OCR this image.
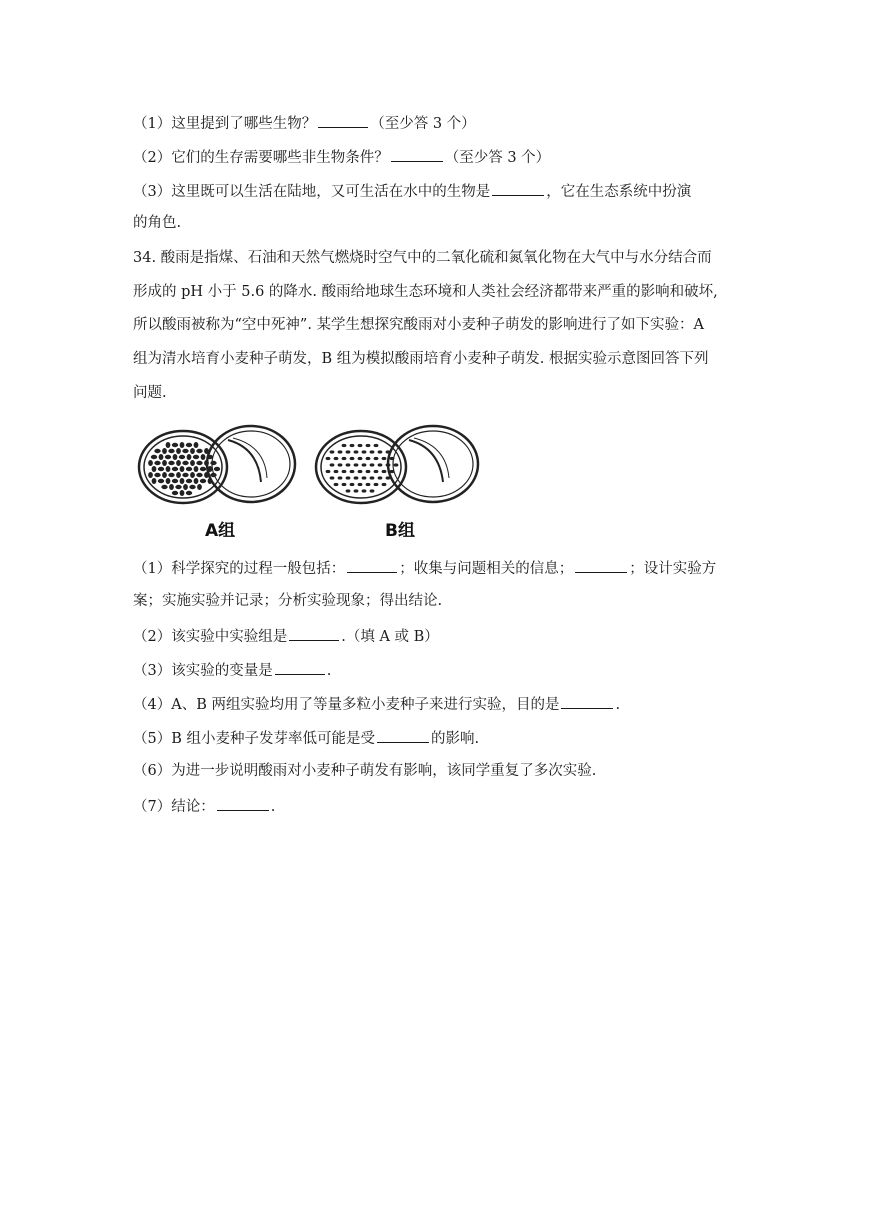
（1）这里提到了哪些生物？	（至少答 3 个）
（2）它们的生存需要哪些非生物条件？	（至少答 3 个）
（3）这里既可以生活在陆地，又可生活在水中的生物是	，它在生态系统中扮演
的角色.
34. 酸雨是指煤、石油和天然气燃烧时空气中的二氧化硫和氮氧化物在大气中与水分结合而
形成的 pH 小于 5.6 的降水. 酸雨给地球生态环境和人类社会经济都带来严重的影响和破坏,
所以酸雨被称为“空中死神”. 某学生想探究酸雨对小麦种子萌发的影响进行了如下实验：A
组为清水培育小麦种子萌发，B 组为模拟酸雨培育小麦种子萌发. 根据实验示意图回答下列
问题.
A组	B组
（1）科学探究的过程一般包括：	；收集与问题相关的信息；	；设计实验方
案；实施实验并记录；分析实验现象；得出结论.
（2）该实验中实验组是	.（填 A 或 B）
（3）该实验的变量是	.
（4）A、B 两组实验均用了等量多粒小麦种子来进行实验，目的是	.
（5）B 组小麦种子发芽率低可能是受	的影响.
（6）为进一步说明酸雨对小麦种子萌发有影响，该同学重复了多次实验.
（7）结论：	.
